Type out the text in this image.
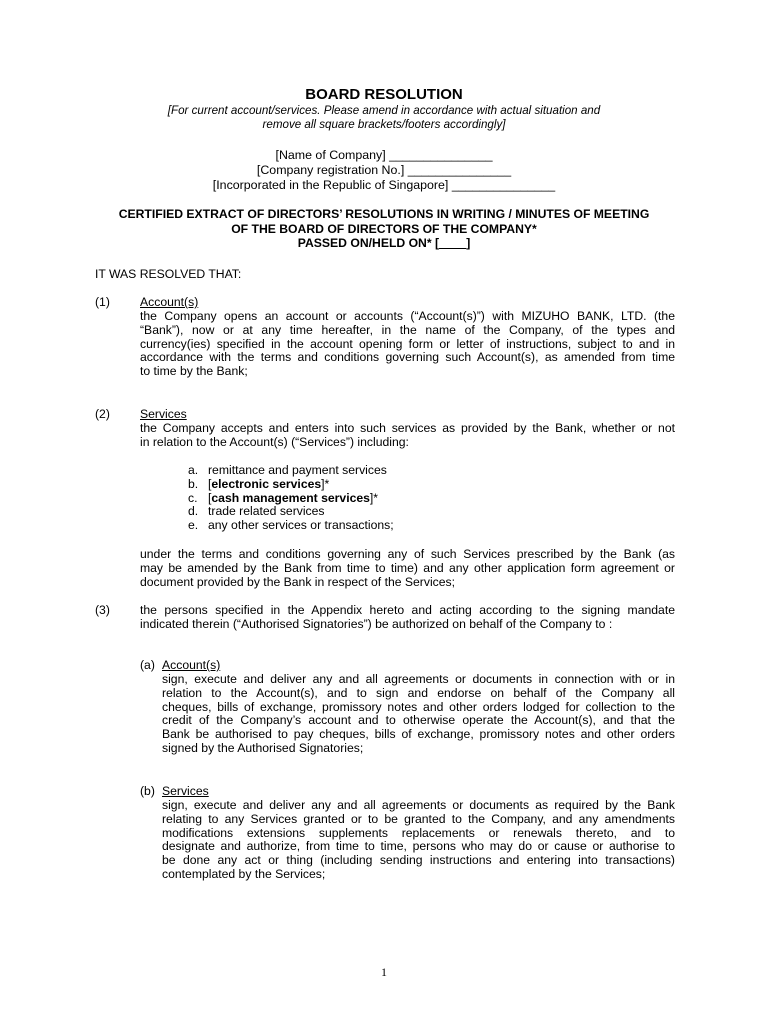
BOARD RESOLUTION
[For current account/services. Please amend in accordance with actual situation and
remove all square brackets/footers accordingly]
[Name of Company] _______________
[Company registration No.] _______________
[Incorporated in the Republic of Singapore] _______________
CERTIFIED EXTRACT OF DIRECTORS’ RESOLUTIONS IN WRITING / MINUTES OF MEETING
OF THE BOARD OF DIRECTORS OF THE COMPANY*
PASSED ON/HELD ON* [____]
IT WAS RESOLVED THAT:
(1) Account(s)
the Company opens an account or accounts (“Account(s)”) with MIZUHO BANK, LTD. (the
“Bank”), now or at any time hereafter, in the name of the Company, of the types and
currency(ies) specified in the account opening form or letter of instructions, subject to and in
accordance with the terms and conditions governing such Account(s), as amended from time
to time by the Bank;
(2) Services
the Company accepts and enters into such services as provided by the Bank, whether or not
in relation to the Account(s) (“Services”) including:
a. remittance and payment services
b. [electronic services]*
c. [cash management services]*
d. trade related services
e. any other services or transactions;
under the terms and conditions governing any of such Services prescribed by the Bank (as
may be amended by the Bank from time to time) and any other application form agreement or
document provided by the Bank in respect of the Services;
(3) the persons specified in the Appendix hereto and acting according to the signing mandate
indicated therein (“Authorised Signatories”) be authorized on behalf of the Company to :
(a) Account(s)
sign, execute and deliver any and all agreements or documents in connection with or in
relation to the Account(s), and to sign and endorse on behalf of the Company all
cheques, bills of exchange, promissory notes and other orders lodged for collection to the
credit of the Company’s account and to otherwise operate the Account(s), and that the
Bank be authorised to pay cheques, bills of exchange, promissory notes and other orders
signed by the Authorised Signatories;
(b) Services
sign, execute and deliver any and all agreements or documents as required by the Bank
relating to any Services granted or to be granted to the Company, and any amendments
modifications extensions supplements replacements or renewals thereto, and to
designate and authorize, from time to time, persons who may do or cause or authorise to
be done any act or thing (including sending instructions and entering into transactions)
contemplated by the Services;
1
